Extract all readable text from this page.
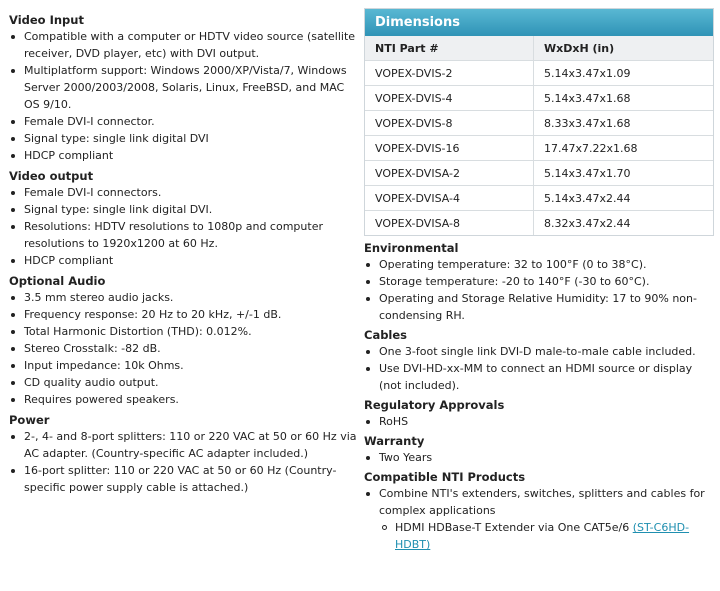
Video Input
Compatible with a computer or HDTV video source (satellite receiver, DVD player, etc) with DVI output.
Multiplatform support: Windows 2000/XP/Vista/7, Windows Server 2000/2003/2008, Solaris, Linux, FreeBSD, and MAC OS 9/10.
Female DVI-I connector.
Signal type: single link digital DVI
HDCP compliant
Video output
Female DVI-I connectors.
Signal type: single link digital DVI.
Resolutions: HDTV resolutions to 1080p and computer resolutions to 1920x1200 at 60 Hz.
HDCP compliant
Optional Audio
3.5 mm stereo audio jacks.
Frequency response: 20 Hz to 20 kHz, +/-1 dB.
Total Harmonic Distortion (THD): 0.012%.
Stereo Crosstalk: -82 dB.
Input impedance: 10k Ohms.
CD quality audio output.
Requires powered speakers.
Power
2-, 4- and 8-port splitters: 110 or 220 VAC at 50 or 60 Hz via AC adapter. (Country-specific AC adapter included.)
16-port splitter: 110 or 220 VAC at 50 or 60 Hz (Country-specific power supply cable is attached.)
Dimensions
NTI Part #	WxDxH (in)
VOPEX-DVIS-2	5.14x3.47x1.09
VOPEX-DVIS-4	5.14x3.47x1.68
VOPEX-DVIS-8	8.33x3.47x1.68
VOPEX-DVIS-16	17.47x7.22x1.68
VOPEX-DVISA-2	5.14x3.47x1.70
VOPEX-DVISA-4	5.14x3.47x2.44
VOPEX-DVISA-8	8.32x3.47x2.44
Environmental
Operating temperature: 32 to 100°F (0 to 38°C).
Storage temperature: -20 to 140°F (-30 to 60°C).
Operating and Storage Relative Humidity: 17 to 90% non-condensing RH.
Cables
One 3-foot single link DVI-D male-to-male cable included.
Use DVI-HD-xx-MM to connect an HDMI source or display (not included).
Regulatory Approvals
RoHS
Warranty
Two Years
Compatible NTI Products
Combine NTI's extenders, switches, splitters and cables for complex applications
HDMI HDBase-T Extender via One CAT5e/6 (ST-C6HD-HDBT)
